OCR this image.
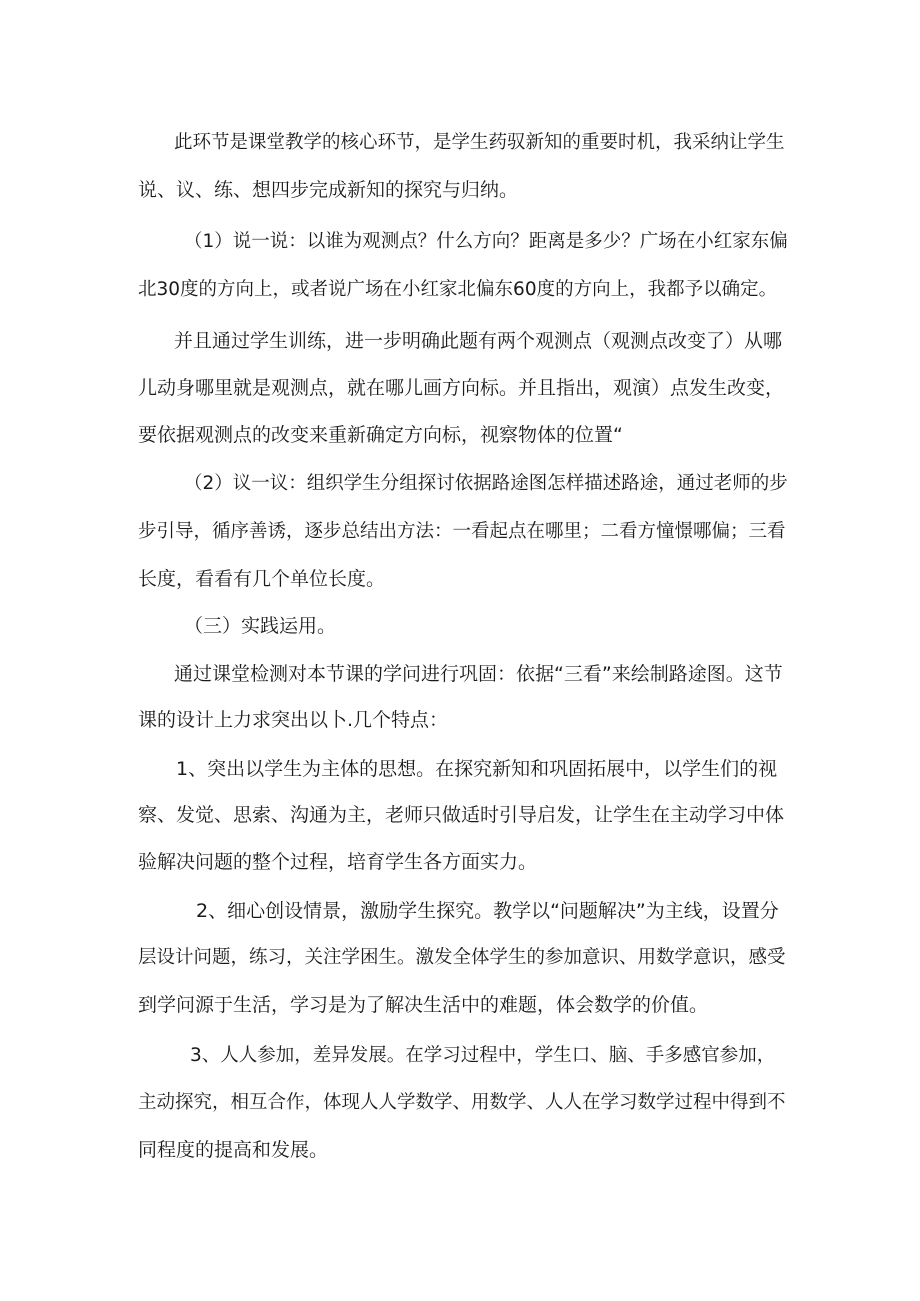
此环节是课堂教学的核心环节，是学生药驭新知的重要时机，我采纳让学生
说、议、练、想四步完成新知的探究与归纳。
（1）说一说：以谁为观测点？什么方向？距离是多少？广场在小红家东偏
北30度的方向上，或者说广场在小红家北偏东60度的方向上，我都予以确定。
并且通过学生训练，进一步明确此题有两个观测点（观测点改变了）从哪
儿动身哪里就是观测点，就在哪儿画方向标。并且指出，观演）点发生改变，
要依据观测点的改变来重新确定方向标，视察物体的位置“
（2）议一议：组织学生分组探讨依据路途图怎样描述路途，通过老师的步
步引导，循序善诱，逐步总结出方法：一看起点在哪里；二看方憧憬哪偏；三看
长度，看看有几个单位长度。
（三）实践运用。
通过课堂检测对本节课的学问进行巩固：依据“三看”来绘制路途图。这节
课的设计上力求突出以卜.几个特点：
1、突出以学生为主体的思想。在探究新知和巩固拓展中，以学生们的视
察、发觉、思索、沟通为主，老师只做适时引导启发，让学生在主动学习中体
验解决问题的整个过程，培育学生各方面实力。
2、细心创设情景，激励学生探究。教学以“问题解决”为主线，设置分
层设计问题，练习，关注学困生。激发全体学生的参加意识、用数学意识，感受
到学问源于生活，学习是为了解决生活中的难题，体会数学的价值。
3、人人参加，差异发展。在学习过程中，学生口、脑、手多感官参加，
主动探究，相互合作，体现人人学数学、用数学、人人在学习数学过程中得到不
同程度的提高和发展。
